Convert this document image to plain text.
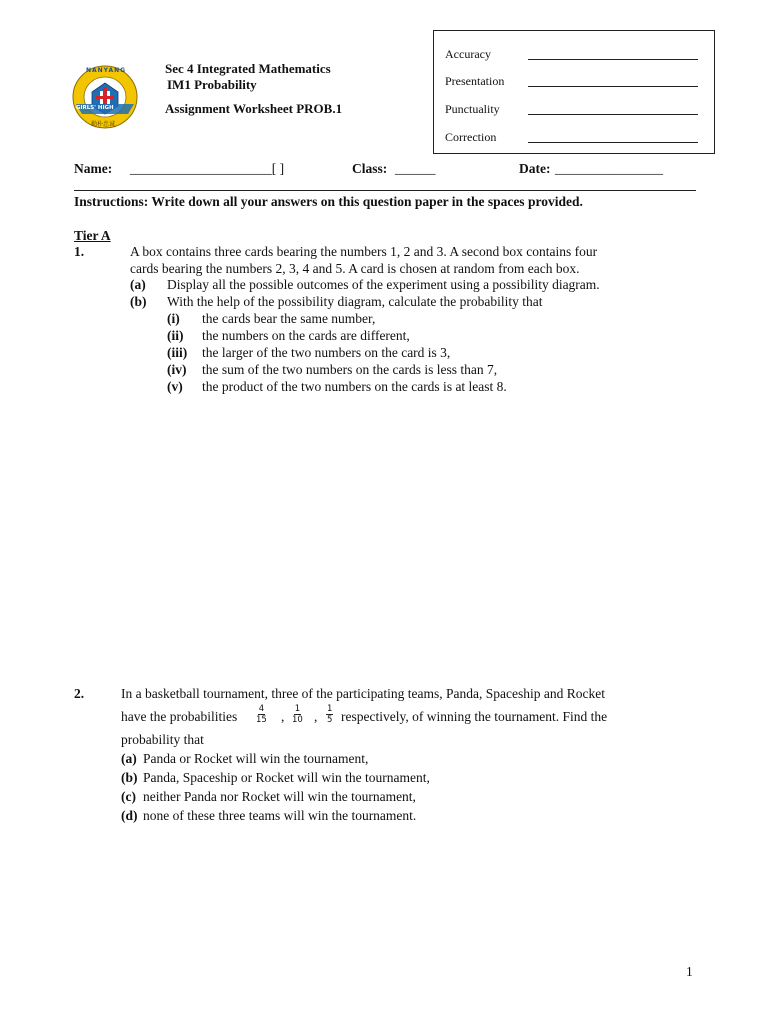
NANYANG
GIRLS' HIGH
勤朴忠诚
Sec 4 Integrated Mathematics
IM1 Probability
Assignment Worksheet PROB.1
Accuracy
Presentation
Punctuality
Correction
Name: _____________________[ ]	Class: ______	Date: ________________
Instructions: Write down all your answers on this question paper in the spaces provided.
Tier A
1.	A box contains three cards bearing the numbers 1, 2 and 3. A second box contains four
cards bearing the numbers 2, 3, 4 and 5. A card is chosen at random from each box.
(a) Display all the possible outcomes of the experiment using a possibility diagram.
(b) With the help of the possibility diagram, calculate the probability that
(i) the cards bear the same number,
(ii) the numbers on the cards are different,
(iii) the larger of the two numbers on the card is 3,
(iv) the sum of the two numbers on the cards is less than 7,
(v) the product of the two numbers on the cards is at least 8.
2.	In a basketball tournament, three of the participating teams, Panda, Spaceship and Rocket
have the probabilities $\frac{4}{15}$ , $\frac{1}{10}$ , $\frac{1}{5}$ respectively, of winning the tournament. Find the
probability that
(a) Panda or Rocket will win the tournament,
(b) Panda, Spaceship or Rocket will win the tournament,
(c) neither Panda nor Rocket will win the tournament,
(d) none of these three teams will win the tournament.
1
